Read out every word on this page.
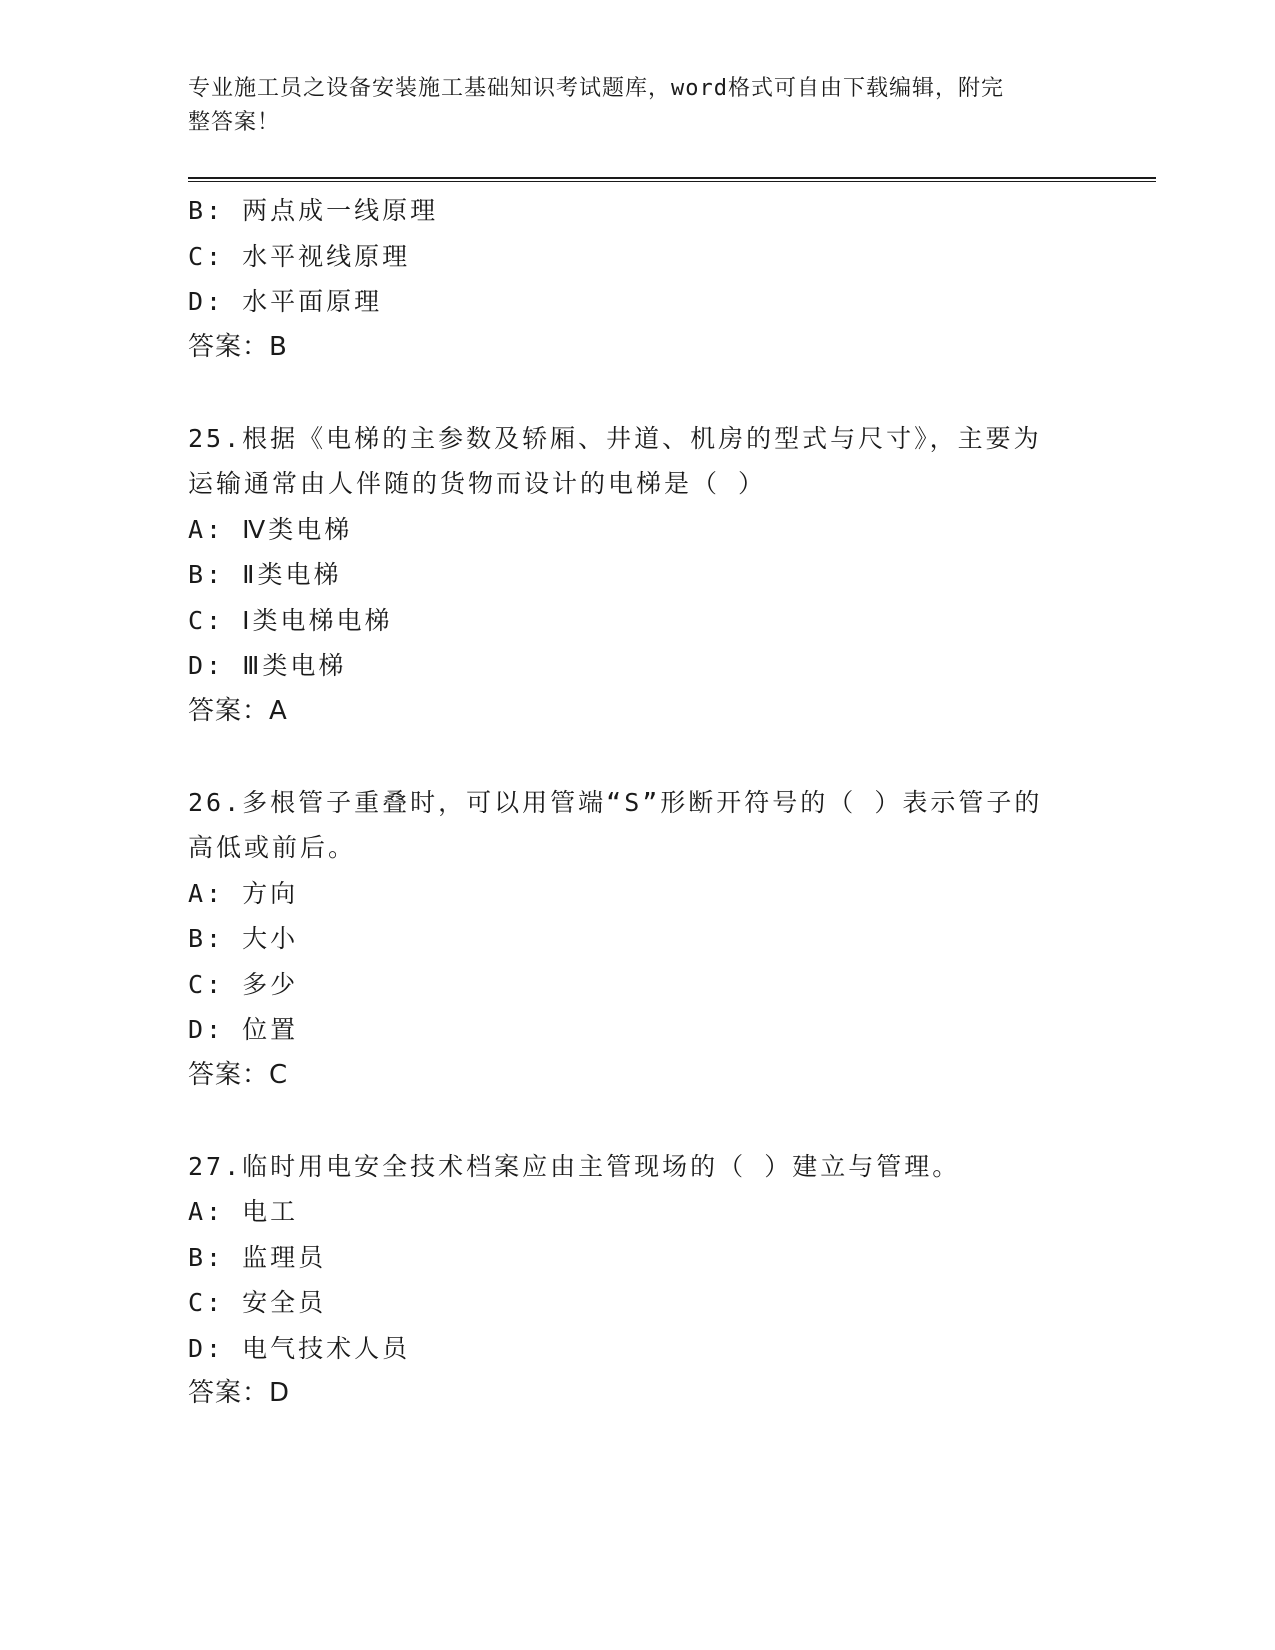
专业施工员之设备安装施工基础知识考试题库，word格式可自由下载编辑，附完
整答案！
B: 两点成一线原理
C: 水平视线原理
D: 水平面原理
答案：B
25.根据《电梯的主参数及轿厢、井道、机房的型式与尺寸》，主要为
运输通常由人伴随的货物而设计的电梯是（ ）
A: Ⅳ类电梯
B: Ⅱ类电梯
C: Ⅰ类电梯电梯
D: Ⅲ类电梯
答案：A
26.多根管子重叠时，可以用管端“S”形断开符号的（ ）表示管子的
高低或前后。
A: 方向
B: 大小
C: 多少
D: 位置
答案：C
27.临时用电安全技术档案应由主管现场的（ ）建立与管理。
A: 电工
B: 监理员
C: 安全员
D: 电气技术人员
答案：D
